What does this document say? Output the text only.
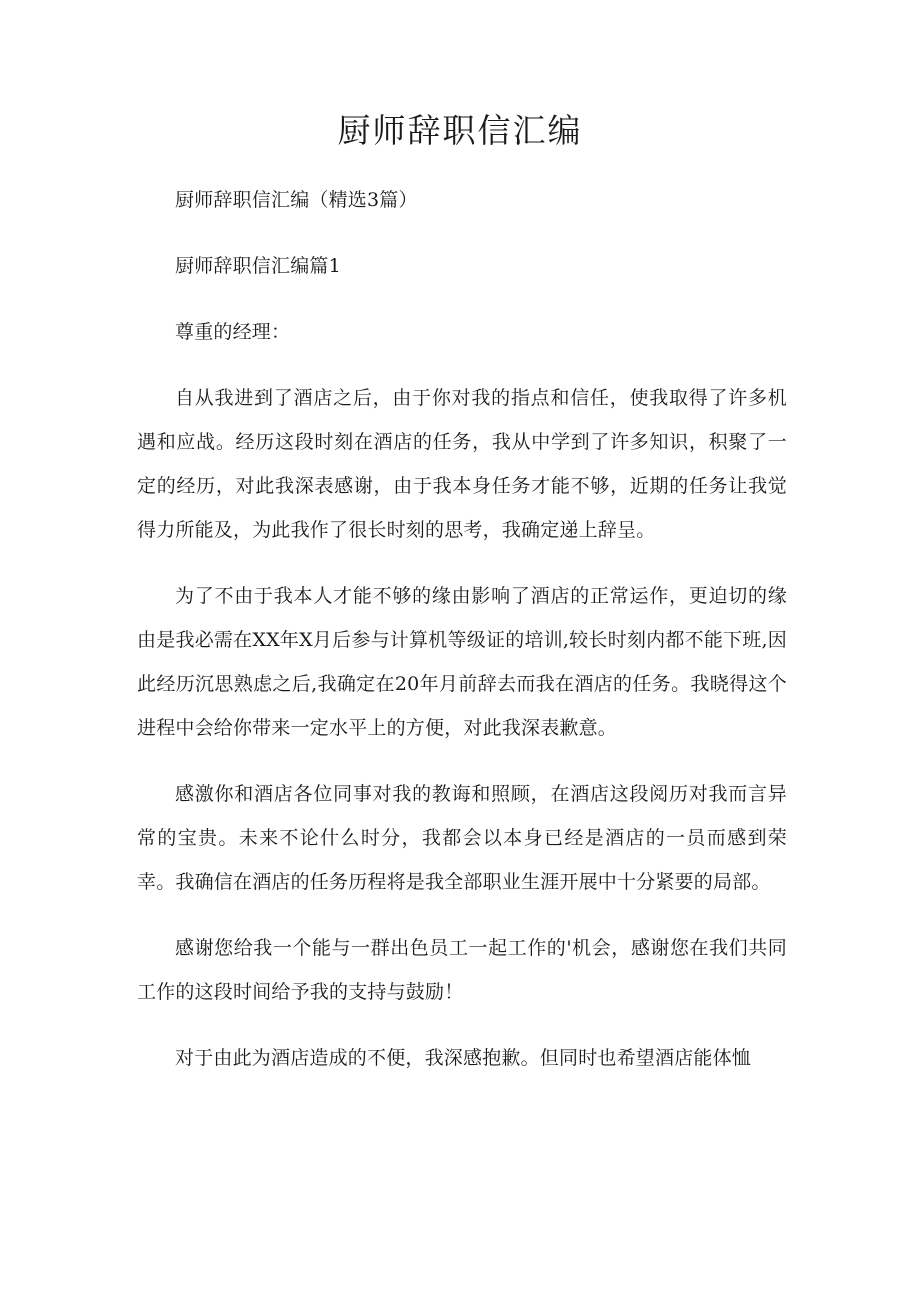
厨师辞职信汇编

厨师辞职信汇编（精选3篇）

厨师辞职信汇编篇1

尊重的经理：

自从我进到了酒店之后，由于你对我的指点和信任，使我取得了许多机遇和应战。经历这段时刻在酒店的任务，我从中学到了许多知识，积聚了一定的经历，对此我深表感谢，由于我本身任务才能不够，近期的任务让我觉得力所能及，为此我作了很长时刻的思考，我确定递上辞呈。

为了不由于我本人才能不够的缘由影响了酒店的正常运作，更迫切的缘由是我必需在XX年X月后参与计算机等级证的培训,较长时刻内都不能下班,因此经历沉思熟虑之后,我确定在20年月前辞去而我在酒店的任务。我晓得这个进程中会给你带来一定水平上的方便，对此我深表歉意。

感激你和酒店各位同事对我的教诲和照顾，在酒店这段阅历对我而言异常的宝贵。未来不论什么时分，我都会以本身已经是酒店的一员而感到荣幸。我确信在酒店的任务历程将是我全部职业生涯开展中十分紧要的局部。

感谢您给我一个能与一群出色员工一起工作的'机会，感谢您在我们共同工作的这段时间给予我的支持与鼓励！

对于由此为酒店造成的不便，我深感抱歉。但同时也希望酒店能体恤
